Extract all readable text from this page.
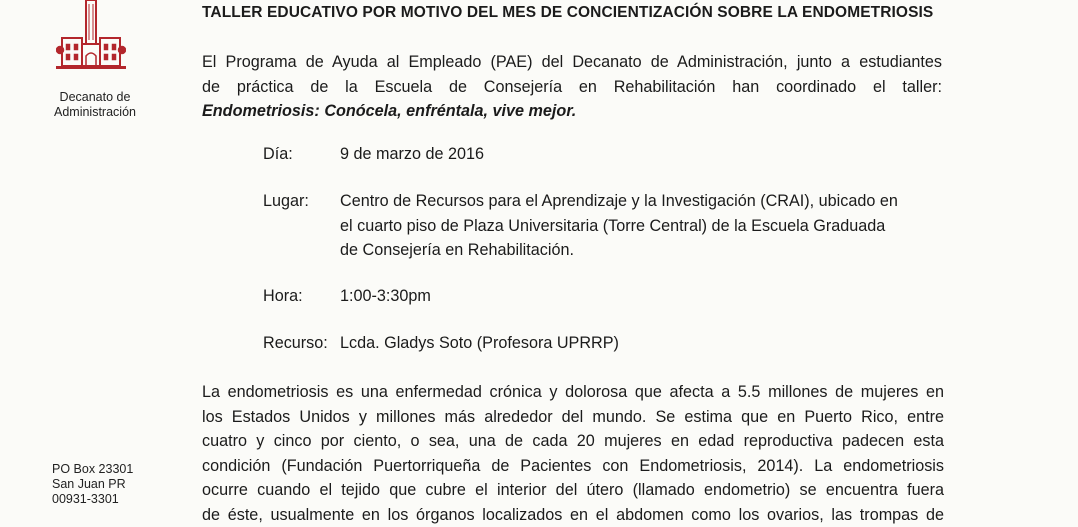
Decanato de
Administración
PO Box 23301
San Juan PR
00931-3301
TALLER EDUCATIVO POR MOTIVO DEL MES DE CONCIENTIZACIÓN SOBRE LA ENDOMETRIOSIS
El Programa de Ayuda al Empleado (PAE) del Decanato de Administración, junto a estudiantes
de práctica de la Escuela de Consejería en Rehabilitación han coordinado el taller:
Endometriosis: Conócela, enfréntala, vive mejor.
Día:	9 de marzo de 2016
Lugar: Centro de Recursos para el Aprendizaje y la Investigación (CRAI), ubicado en
el cuarto piso de Plaza Universitaria (Torre Central) de la Escuela Graduada
de Consejería en Rehabilitación.
Hora: 1:00-3:30pm
Recurso: Lcda. Gladys Soto (Profesora UPRRP)
La endometriosis es una enfermedad crónica y dolorosa que afecta a 5.5 millones de mujeres en
los Estados Unidos y millones más alrededor del mundo. Se estima que en Puerto Rico, entre
cuatro y cinco por ciento, o sea, una de cada 20 mujeres en edad reproductiva padecen esta
condición (Fundación Puertorriqueña de Pacientes con Endometriosis, 2014). La endometriosis
ocurre cuando el tejido que cubre el interior del útero (llamado endometrio) se encuentra fuera
de éste, usualmente en los órganos localizados en el abdomen como los ovarios, las trompas de
